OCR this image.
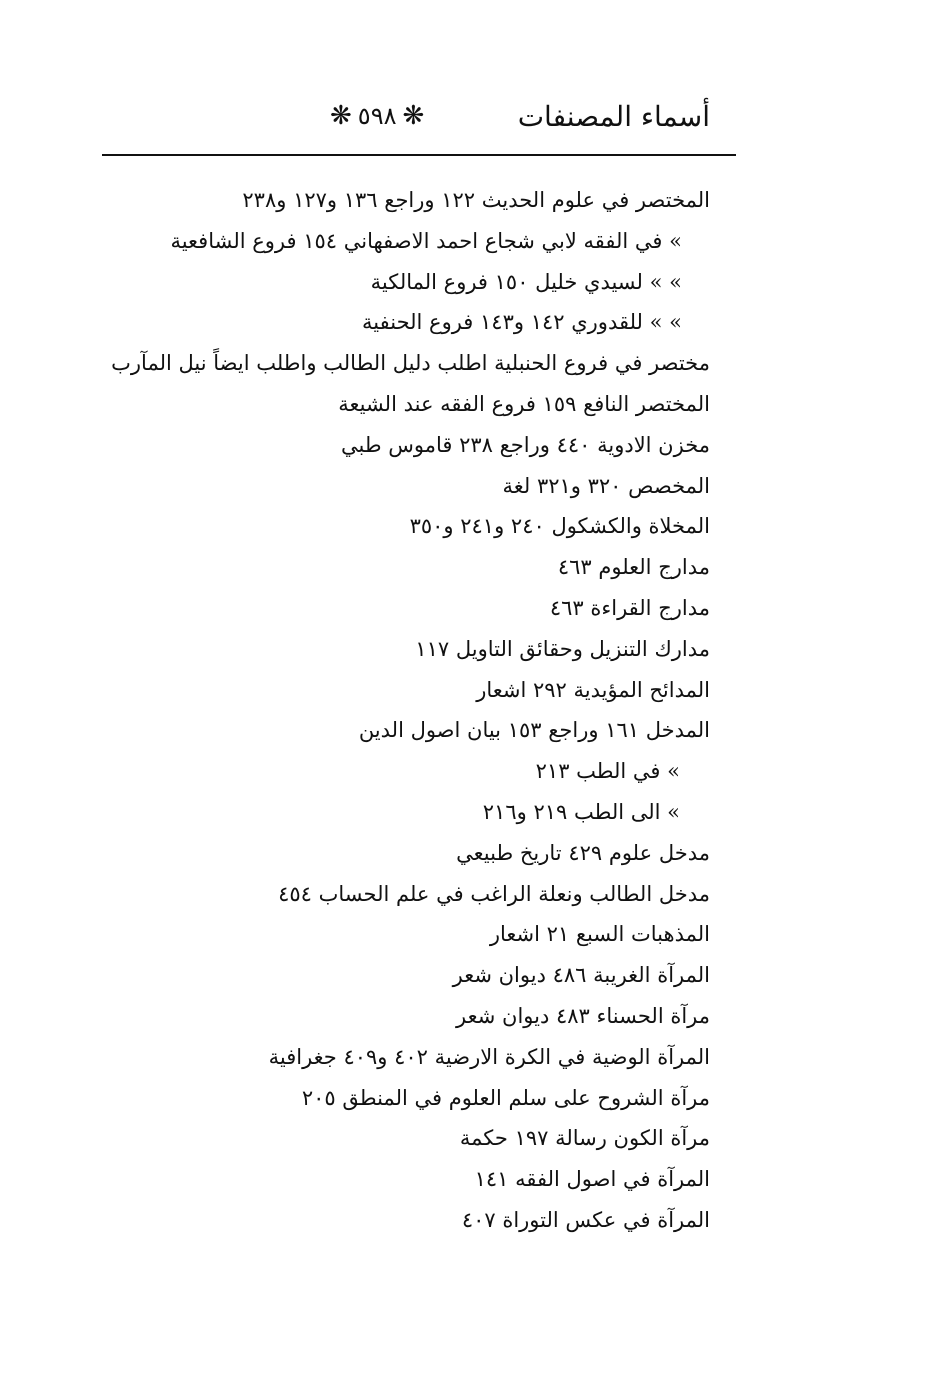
أسماء المصنفات
❋
٥٩٨
❋
المختصر في علوم الحديث ١٢٢ وراجع ١٣٦ و١٢٧ و٢٣٨
» في الفقه لابي شجاع احمد الاصفهاني ١٥٤ فروع الشافعية
» » لسيدي خليل ١٥٠ فروع المالكية
» » للقدوري ١٤٢ و١٤٣ فروع الحنفية
مختصر في فروع الحنبلية اطلب دليل الطالب واطلب ايضاً نيل المآرب
المختصر النافع ١٥٩ فروع الفقه عند الشيعة
مخزن الادوية ٤٤٠ وراجع ٢٣٨ قاموس طبي
المخصص ٣٢٠ و٣٢١ لغة
المخلاة والكشكول ٢٤٠ و٢٤١ و٣٥٠
مدارج العلوم ٤٦٣
مدارج القراءة ٤٦٣
مدارك التنزيل وحقائق التاويل ١١٧
المدائح المؤيدية ٢٩٢ اشعار
المدخل ١٦١ وراجع ١٥٣ بيان اصول الدين
» في الطب ٢١٣
» الى الطب ٢١٩ و٢١٦
مدخل علوم ٤٢٩ تاريخ طبيعي
مدخل الطالب ونعلة الراغب في علم الحساب ٤٥٤
المذهبات السبع ٢١ اشعار
المرآة الغريبة ٤٨٦ ديوان شعر
مرآة الحسناء ٤٨٣ ديوان شعر
المرآة الوضية في الكرة الارضية ٤٠٢ و٤٠٩ جغرافية
مرآة الشروح على سلم العلوم في المنطق ٢٠٥
مرآة الكون رسالة ١٩٧ حكمة
المرآة في اصول الفقه ١٤١
المرآة في عكس التوراة ٤٠٧
